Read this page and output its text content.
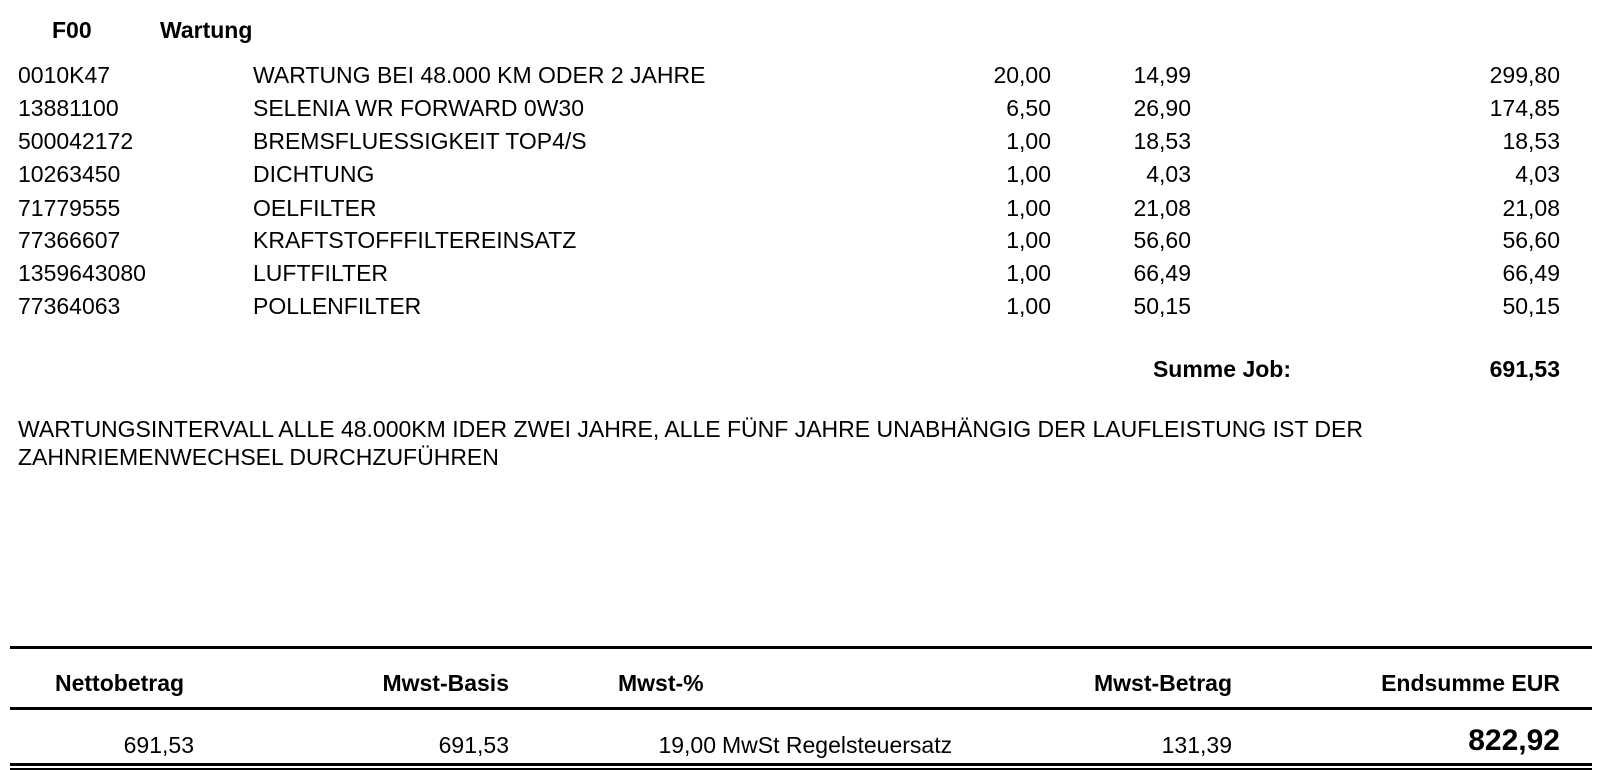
F00	Wartung
0010K47	WARTUNG BEI 48.000 KM ODER 2 JAHRE	20,00	14,99	299,80
13881100	SELENIA WR FORWARD 0W30	6,50	26,90	174,85
500042172	BREMSFLUESSIGKEIT TOP4/S	1,00	18,53	18,53
10263450	DICHTUNG	1,00	4,03	4,03
71779555	OELFILTER	1,00	21,08	21,08
77366607	KRAFTSTOFFFILTEREINSATZ	1,00	56,60	56,60
1359643080	LUFTFILTER	1,00	66,49	66,49
77364063	POLLENFILTER	1,00	50,15	50,15
Summe Job:	691,53
WARTUNGSINTERVALL ALLE 48.000KM IDER ZWEI JAHRE, ALLE FÜNF JAHRE UNABHÄNGIG DER LAUFLEISTUNG IST DER ZAHNRIEMENWECHSEL DURCHZUFÜHREN
Nettobetrag	Mwst-Basis	Mwst-%	Mwst-Betrag	Endsumme EUR
691,53	691,53	19,00 MwSt Regelsteuersatz	131,39	822,92
